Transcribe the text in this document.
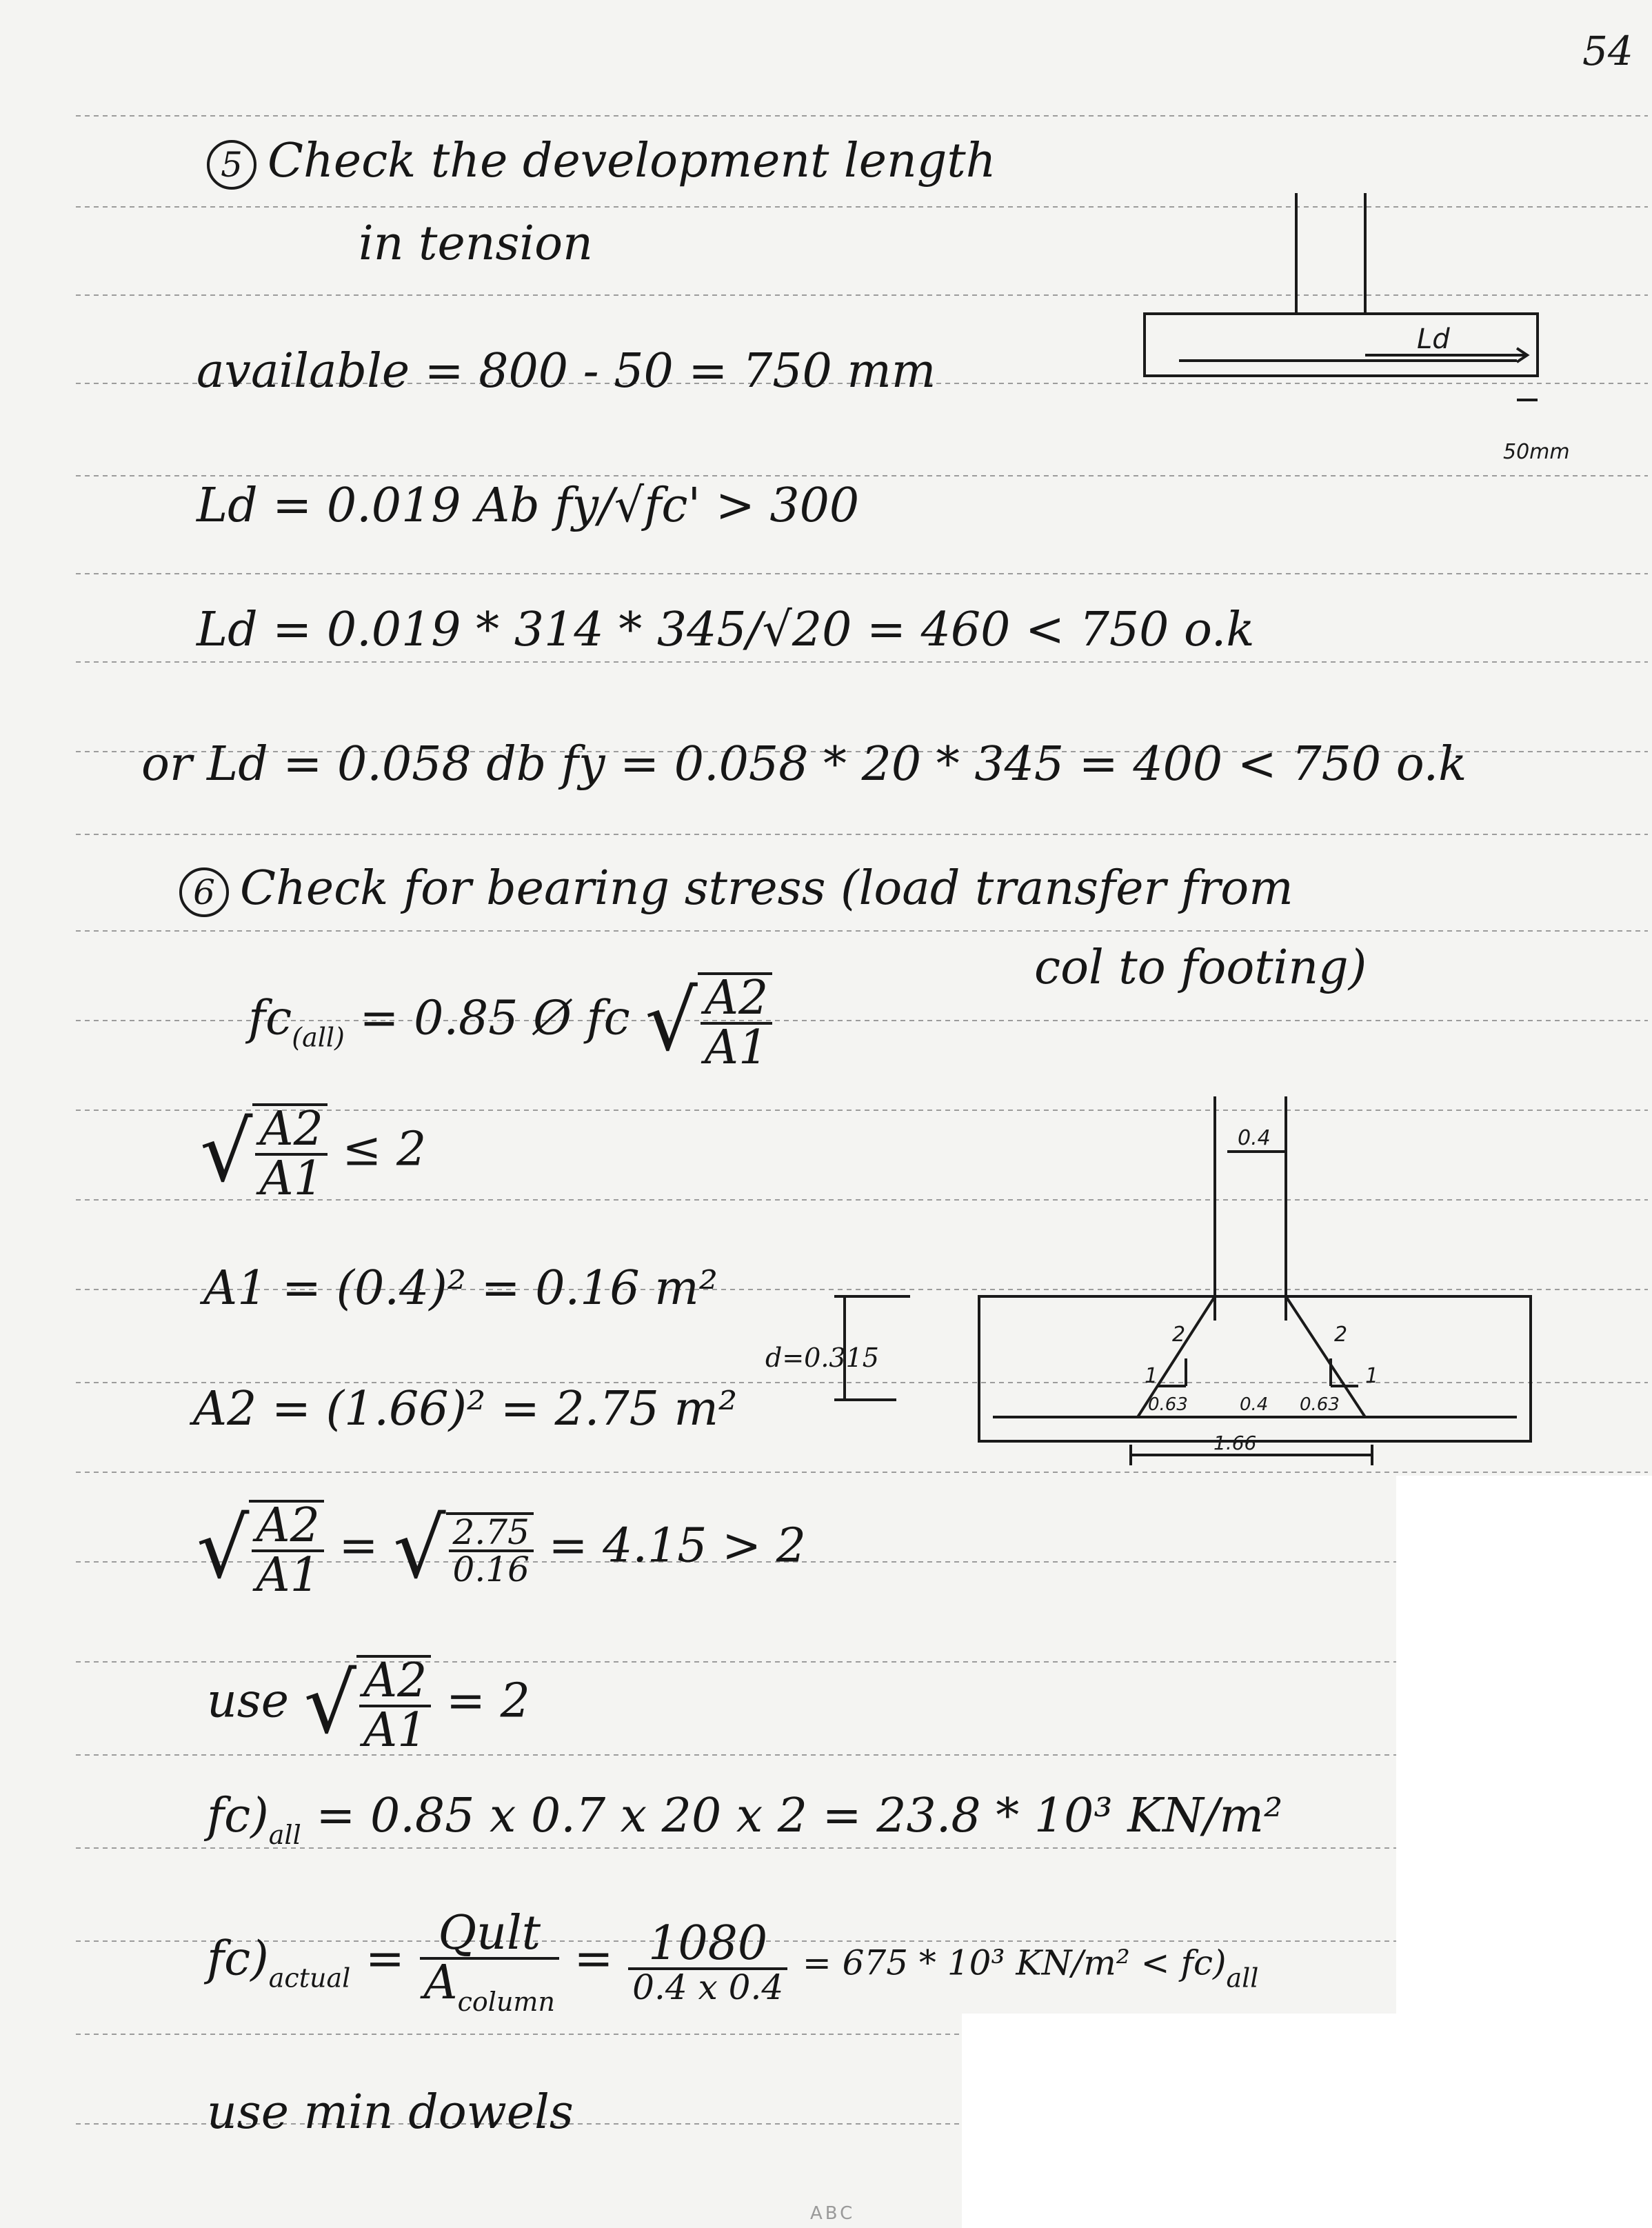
54
5 Check the development length
in tension
Ld
50mm
available = 800 - 50 = 750 mm
Ld = 0.019 Ab fy/√fc' > 300
Ld = 0.019 * 314 * 345/√20 = 460 < 750 o.k
or Ld = 0.058 db fy = 0.058 * 20 * 345 = 400 < 750 o.k
6 Check for bearing stress (load transfer from
col to footing)
$fc_{(all)} = 0.85$ Ø fc √ $\frac{A2}{A1}$
√ $\frac{A2}{A1} \le 2$
A1 = (0.4)² = 0.16 m²
A2 = (1.66)² = 2.75 m²
d=0.315
0.4
2	2
1	1
0.63	0.4 0.63
1.66
√ $\frac{A2}{A1}$ = √ $\frac{2.75}{0.16} = 4.15 > 2$
use √ $\frac{A2}{A1} = 2$
$fc)_{all} = 0.85$ x 0.7 x 20 x 2 = 23.8 * 10³ KN/m²
$fc)_{actual} = \frac{\text{Qult}}{A_{column}} = \frac{1080}{0.4 x 0.4} = 675 * 10^3$ $KN/m^2 < fc)_{all}$
use min dowels
ABC
